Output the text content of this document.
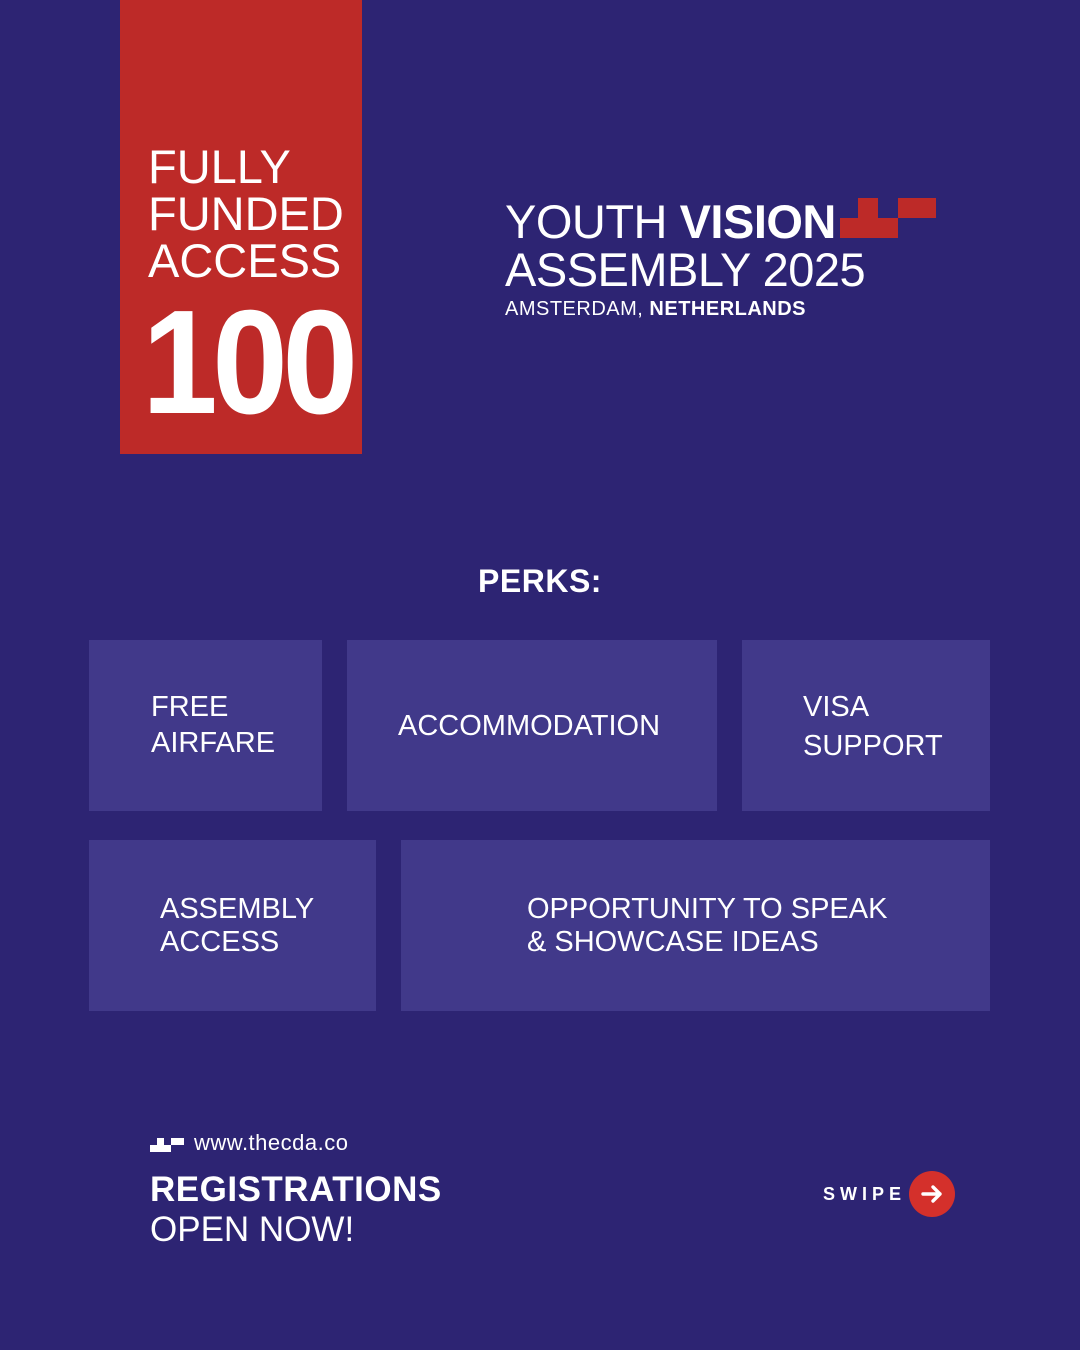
FULLY
FUNDED
ACCESS
100
YOUTH VISION
ASSEMBLY 2025
AMSTERDAM, NETHERLANDS
PERKS:
FREE
AIRFARE
ACCOMMODATION
VISA
SUPPORT
ASSEMBLY
ACCESS
OPPORTUNITY TO SPEAK
& SHOWCASE IDEAS
www.thecda.co
REGISTRATIONS
OPEN NOW!
SWIPE
